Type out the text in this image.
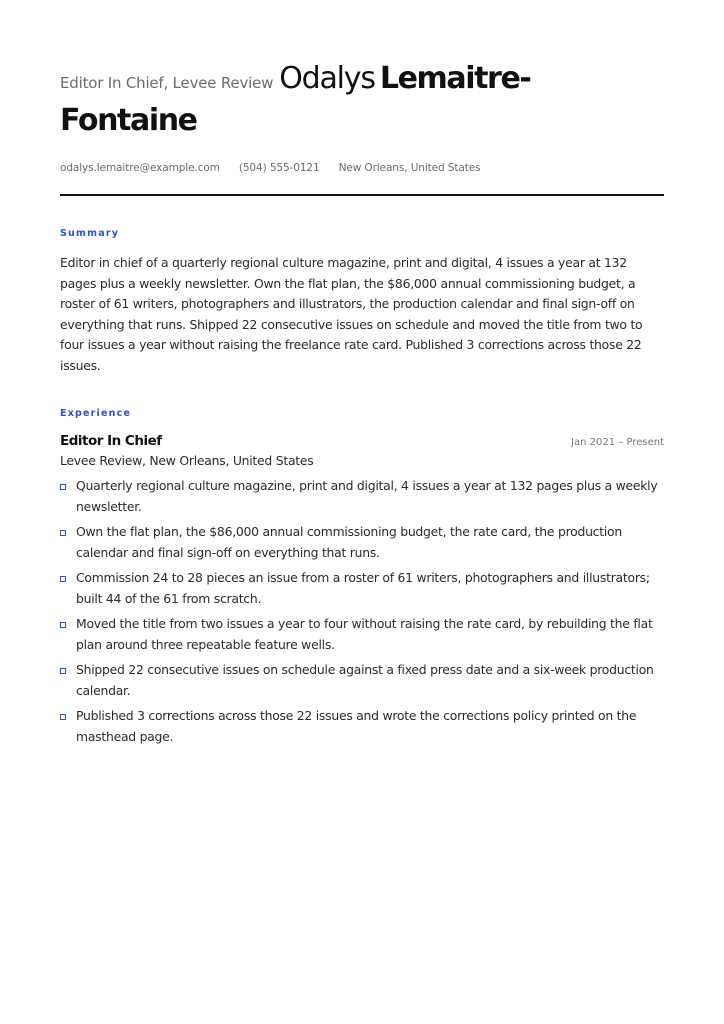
Editor In Chief, Levee Review Odalys Lemaitre-Fontaine
odalys.lemaitre@example.com (504) 555-0121 New Orleans, United States
Summary

Editor in chief of a quarterly regional culture magazine, print and digital, 4 issues a year at 132 pages plus a weekly newsletter. Own the flat plan, the $86,000 annual commissioning budget, a roster of 61 writers, photographers and illustrators, the production calendar and final sign-off on everything that runs. Shipped 22 consecutive issues on schedule and moved the title from two to four issues a year without raising the freelance rate card. Published 3 corrections across those 22 issues.

Experience
Editor In Chief	Jan 2021 – Present
Levee Review, New Orleans, United States
Quarterly regional culture magazine, print and digital, 4 issues a year at 132 pages plus a weekly newsletter.
Own the flat plan, the $86,000 annual commissioning budget, the rate card, the production calendar and final sign-off on everything that runs.
Commission 24 to 28 pieces an issue from a roster of 61 writers, photographers and illustrators; built 44 of the 61 from scratch.
Moved the title from two issues a year to four without raising the rate card, by rebuilding the flat plan around three repeatable feature wells.
Shipped 22 consecutive issues on schedule against a fixed press date and a six-week production calendar.
Published 3 corrections across those 22 issues and wrote the corrections policy printed on the masthead page.
